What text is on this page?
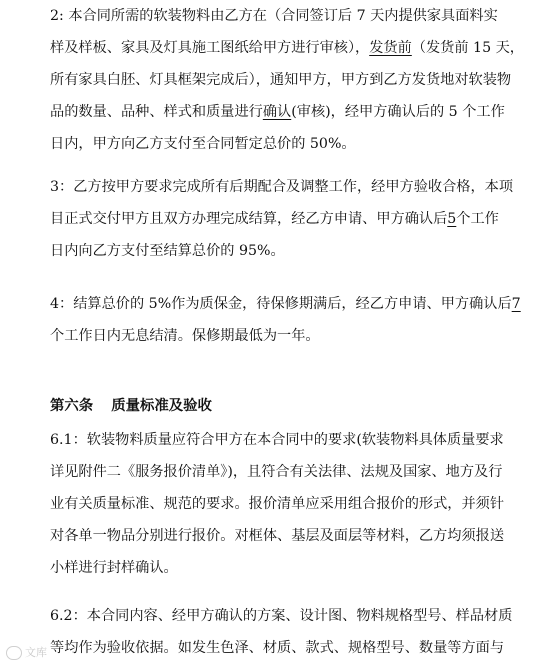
2: 本合同所需的软装物料由乙方在（合同签订后 7 天内提供家具面料实
样及样板、家具及灯具施工图纸给甲方进行审核），发货前（发货前 15 天，
所有家具白胚、灯具框架完成后），通知甲方，甲方到乙方发货地对软装物
品的数量、品种、样式和质量进行确认(审核)，经甲方确认后的 5 个工作
日内，甲方向乙方支付至合同暂定总价的 50%。

3：乙方按甲方要求完成所有后期配合及调整工作，经甲方验收合格，本项
目正式交付甲方且双方办理完成结算，经乙方申请、甲方确认后5个工作
日内向乙方支付至结算总价的 95%。

4：结算总价的 5%作为质保金，待保修期满后，经乙方申请、甲方确认后7
个工作日内无息结清。保修期最低为一年。

第六条 质量标准及验收

6.1：软装物料质量应符合甲方在本合同中的要求(软装物料具体质量要求
详见附件二《服务报价清单》)，且符合有关法律、法规及国家、地方及行
业有关质量标准、规范的要求。报价清单应采用组合报价的形式，并须针
对各单一物品分别进行报价。对框体、基层及面层等材料，乙方均须报送
小样进行封样确认。

6.2：本合同内容、经甲方确认的方案、设计图、物料规格型号、样品材质
等均作为验收依据。如发生色泽、材质、款式、规格型号、数量等方面与

文库
